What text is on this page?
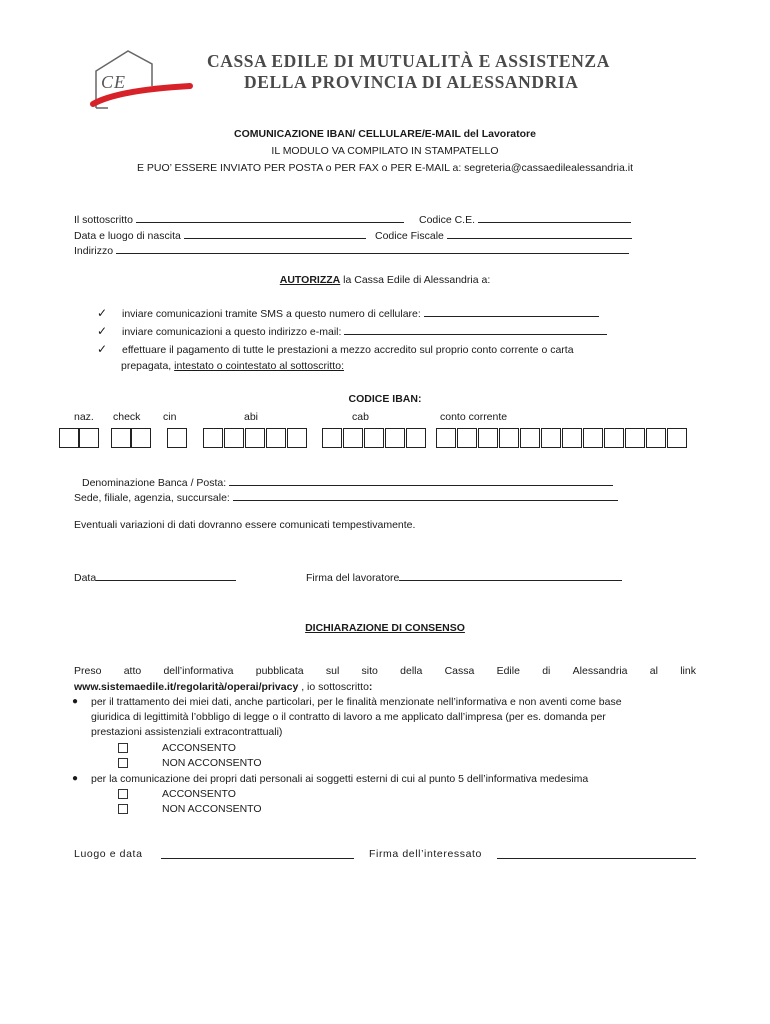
CE
CASSA EDILE DI MUTUALITÀ E ASSISTENZA
DELLA PROVINCIA DI ALESSANDRIA
COMUNICAZIONE IBAN/ CELLULARE/E-MAIL del Lavoratore
IL MODULO VA COMPILATO IN STAMPATELLO
E PUO’ ESSERE INVIATO PER POSTA o PER FAX o PER E-MAIL a: segreteria@cassaedilealessandria.it
Il sottoscritto	Codice C.E.
Data e luogo di nascita	Codice Fiscale
Indirizzo
AUTORIZZA la Cassa Edile di Alessandria a:
✓ inviare comunicazioni tramite SMS a questo numero di cellulare:
✓ inviare comunicazioni a questo indirizzo e-mail:
✓ effettuare il pagamento di tutte le prestazioni a mezzo accredito sul proprio conto corrente o carta
prepagata, intestato o cointestato al sottoscritto:
CODICE IBAN:
naz. check cin	abi	cab	conto corrente
Denominazione Banca / Posta:
Sede, filiale, agenzia, succursale:
Eventuali variazioni di dati dovranno essere comunicati tempestivamente.
Data	Firma del lavoratore
DICHIARAZIONE DI CONSENSO
Preso atto dell’informativa pubblicata sul sito della Cassa Edile di Alessandria al link
www.sistemaedile.it/regolarità/operai/privacy , io sottoscritto:
● per il trattamento dei miei dati, anche particolari, per le finalità menzionate nell’informativa e non aventi come base
giuridica di legittimità l’obbligo di legge o il contratto di lavoro a me applicato dall’impresa (per es. domanda per
prestazioni assistenziali extracontrattuali)
ACCONSENTO
NON ACCONSENTO
● per la comunicazione dei propri dati personali ai soggetti esterni di cui al punto 5 dell’informativa medesima
ACCONSENTO
NON ACCONSENTO
Luogo e data	Firma dell’interessato
